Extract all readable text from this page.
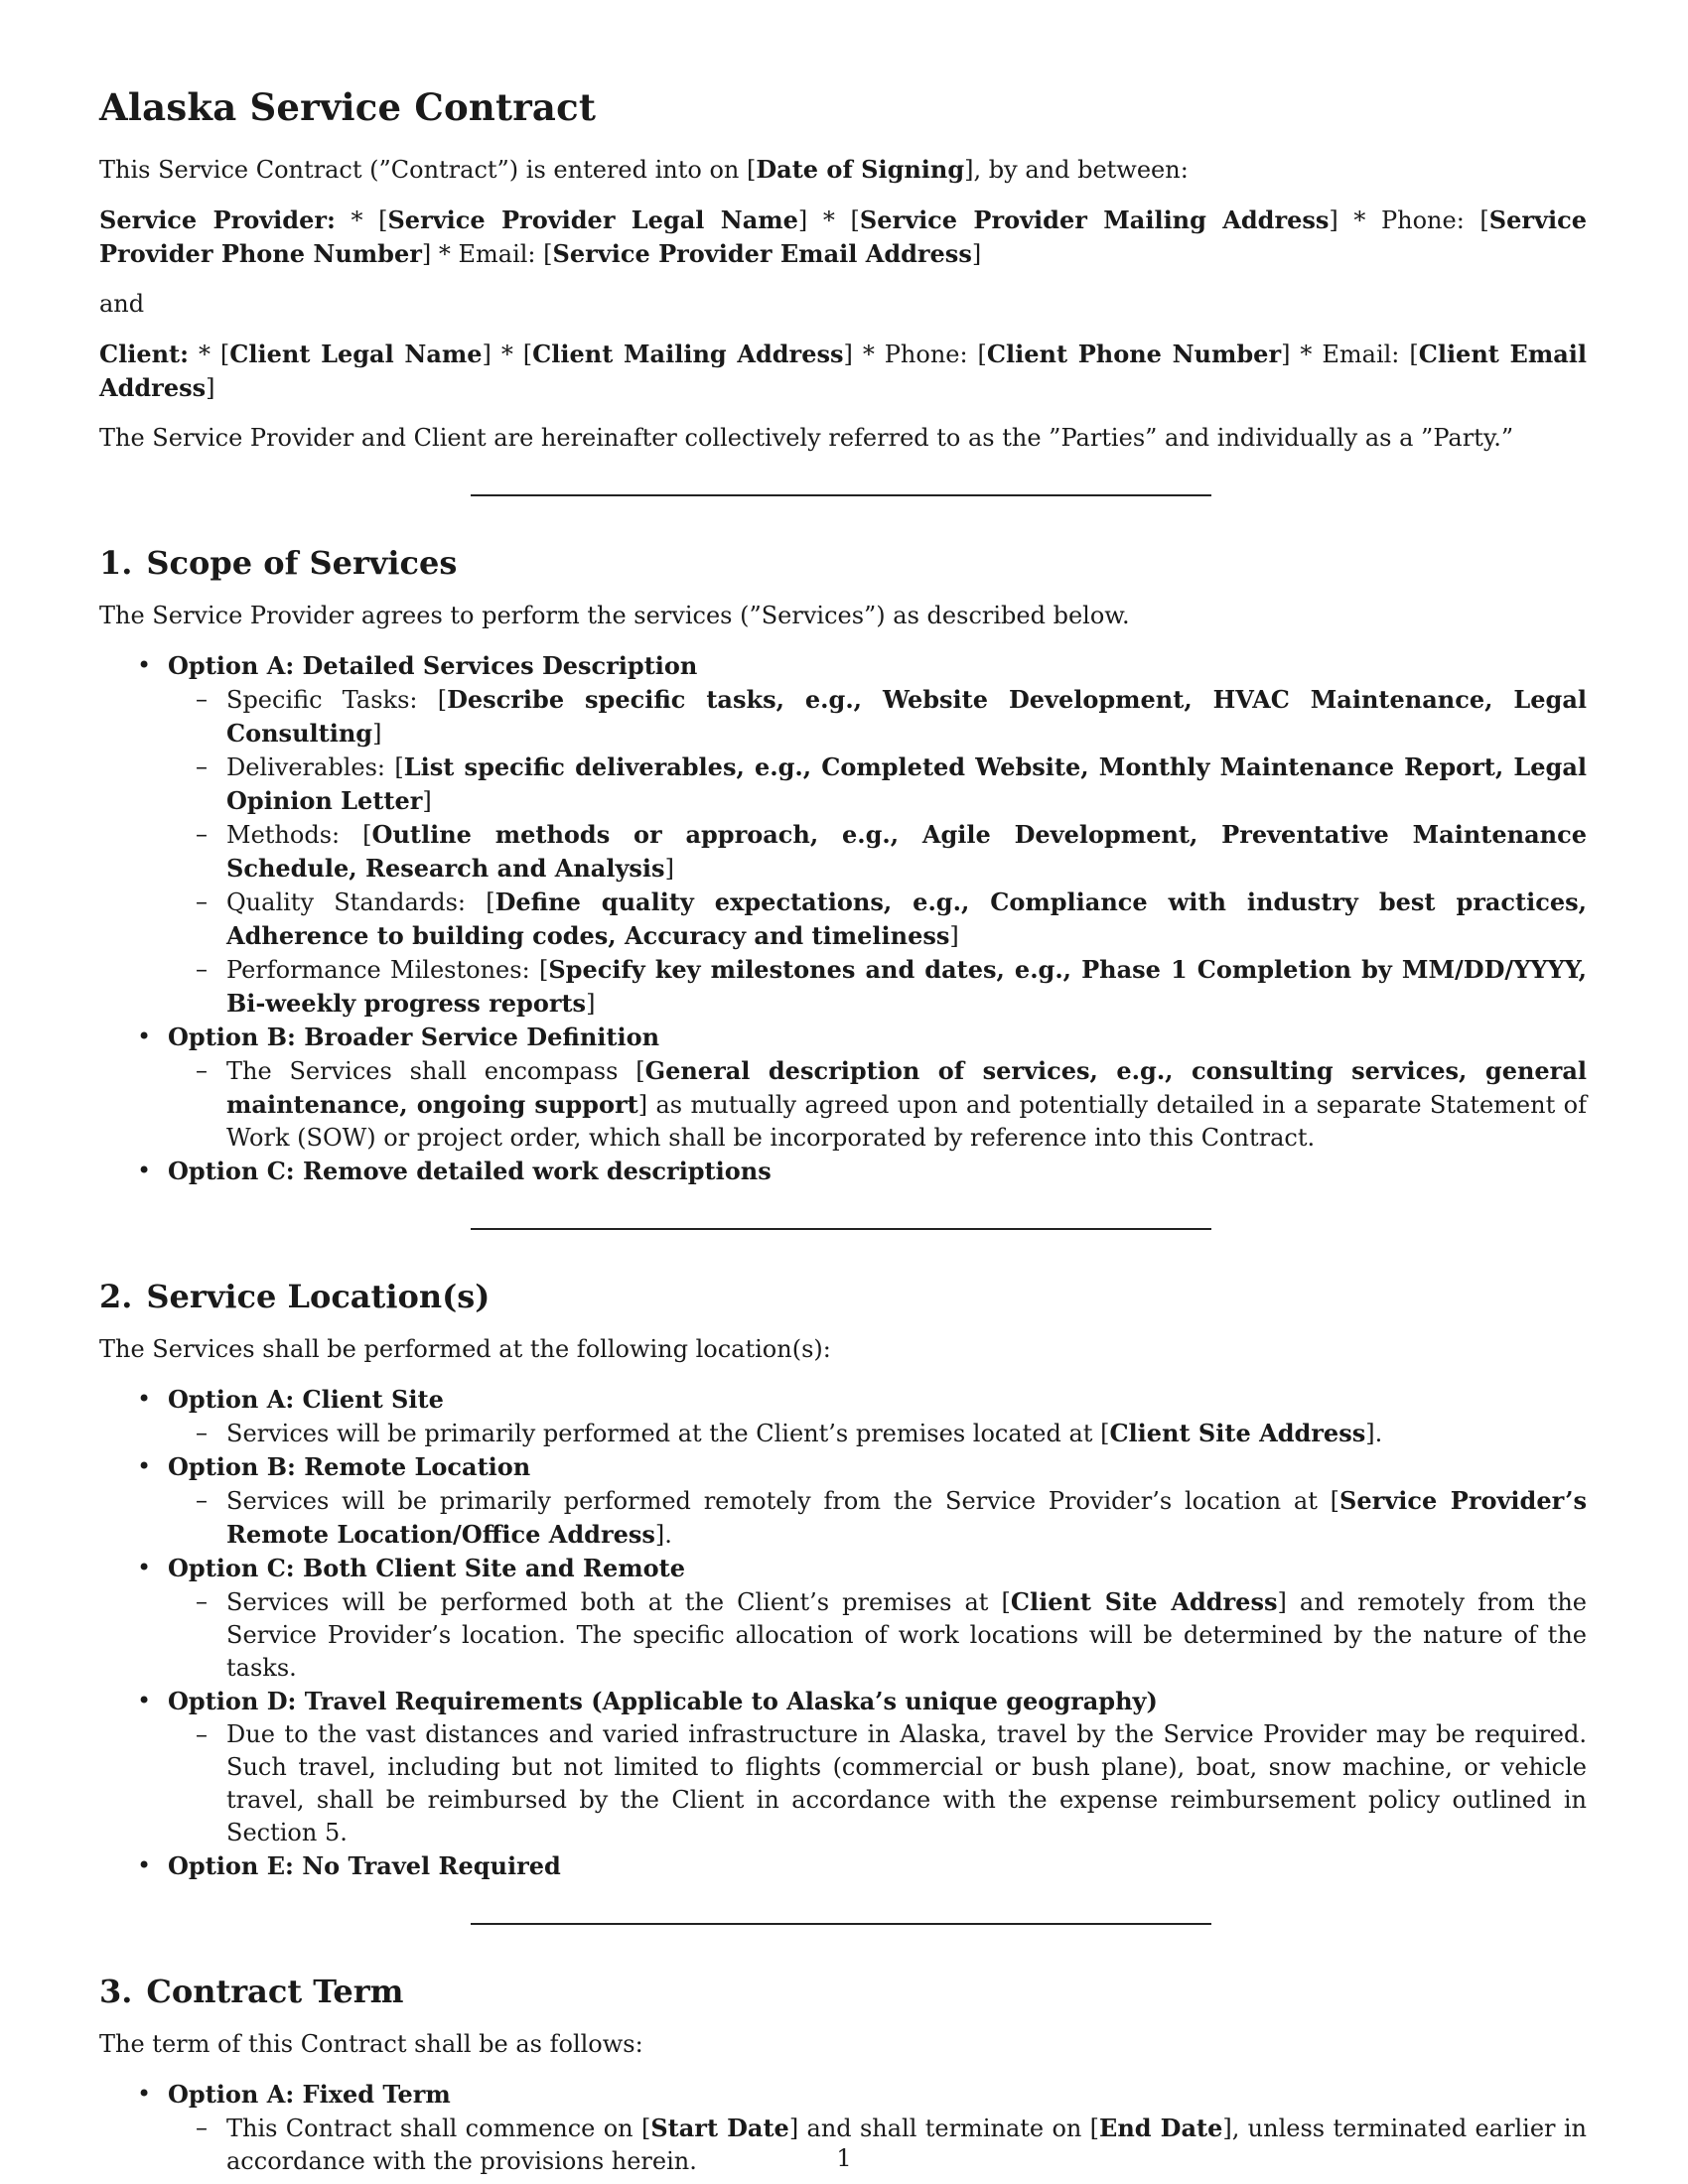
Alaska Service Contract

This Service Contract (”Contract”) is entered into on [Date of Signing], by and between:

Service Provider: * [Service Provider Legal Name] * [Service Provider Mailing Address] * Phone: [Service Provider Phone Number] * Email: [Service Provider Email Address]

and

Client: * [Client Legal Name] * [Client Mailing Address] * Phone: [Client Phone Number] * Email: [Client Email Address]

The Service Provider and Client are hereinafter collectively referred to as the ”Parties” and individually as a ”Party.”

1. Scope of Services

The Service Provider agrees to perform the services (”Services”) as described below.

• Option A: Detailed Services Description
– Specific Tasks: [Describe specific tasks, e.g., Website Development, HVAC Maintenance, Legal Consulting]
– Deliverables: [List specific deliverables, e.g., Completed Website, Monthly Maintenance Report, Legal Opinion Letter]
– Methods: [Outline methods or approach, e.g., Agile Development, Preventative Maintenance Schedule, Research and Analysis]
– Quality Standards: [Define quality expectations, e.g., Compliance with industry best practices, Adherence to building codes, Accuracy and timeliness]
– Performance Milestones: [Specify key milestones and dates, e.g., Phase 1 Completion by MM/DD/YYYY, Bi-weekly progress reports]
• Option B: Broader Service Definition
– The Services shall encompass [General description of services, e.g., consulting services, general maintenance, ongoing support] as mutually agreed upon and potentially detailed in a separate Statement of Work (SOW) or project order, which shall be incorporated by reference into this Contract.
• Option C: Remove detailed work descriptions
2. Service Location(s)

The Services shall be performed at the following location(s):

• Option A: Client Site
– Services will be primarily performed at the Client’s premises located at [Client Site Address].
• Option B: Remote Location
– Services will be primarily performed remotely from the Service Provider’s location at [Service Provider’s Remote Location/Office Address].
• Option C: Both Client Site and Remote
– Services will be performed both at the Client’s premises at [Client Site Address] and remotely from the Service Provider’s location. The specific allocation of work locations will be determined by the nature of the tasks.
• Option D: Travel Requirements (Applicable to Alaska’s unique geography)
– Due to the vast distances and varied infrastructure in Alaska, travel by the Service Provider may be required. Such travel, including but not limited to flights (commercial or bush plane), boat, snow machine, or vehicle travel, shall be reimbursed by the Client in accordance with the expense reimbursement policy outlined in Section 5.
• Option E: No Travel Required
3. Contract Term

The term of this Contract shall be as follows:

• Option A: Fixed Term
– This Contract shall commence on [Start Date] and shall terminate on [End Date], unless terminated earlier in accordance with the provisions herein.	1
